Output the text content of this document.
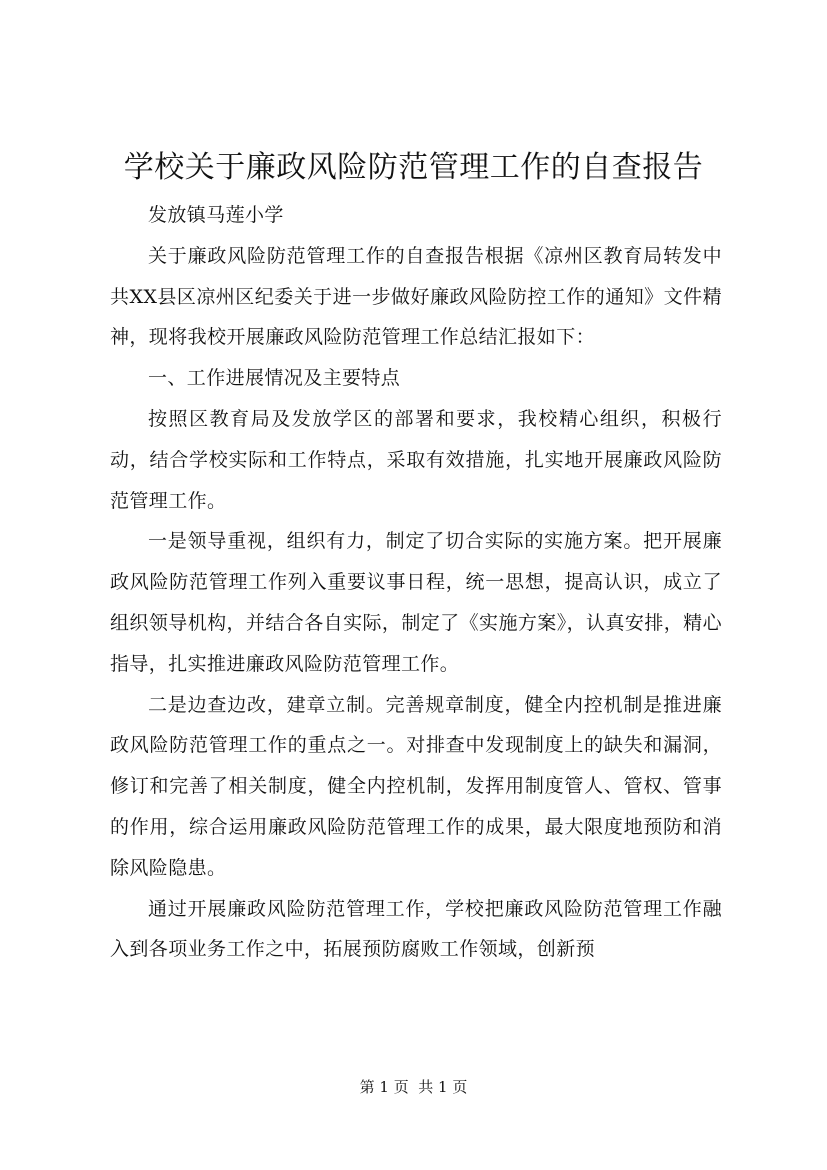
学校关于廉政风险防范管理工作的自查报告

发放镇马莲小学

关于廉政风险防范管理工作的自查报告根据《凉州区教育局转发中共XX县区凉州区纪委关于进一步做好廉政风险防控工作的通知》文件精神，现将我校开展廉政风险防范管理工作总结汇报如下：

一、工作进展情况及主要特点

按照区教育局及发放学区的部署和要求，我校精心组织，积极行动，结合学校实际和工作特点，采取有效措施，扎实地开展廉政风险防范管理工作。

一是领导重视，组织有力，制定了切合实际的实施方案。把开展廉政风险防范管理工作列入重要议事日程，统一思想，提高认识，成立了组织领导机构，并结合各自实际，制定了《实施方案》，认真安排，精心指导，扎实推进廉政风险防范管理工作。

二是边查边改，建章立制。完善规章制度，健全内控机制是推进廉政风险防范管理工作的重点之一。对排查中发现制度上的缺失和漏洞，修订和完善了相关制度，健全内控机制，发挥用制度管人、管权、管事的作用，综合运用廉政风险防范管理工作的成果，最大限度地预防和消除风险隐患。

通过开展廉政风险防范管理工作，学校把廉政风险防范管理工作融入到各项业务工作之中，拓展预防腐败工作领域，创新预

第 1 页  共 1 页
